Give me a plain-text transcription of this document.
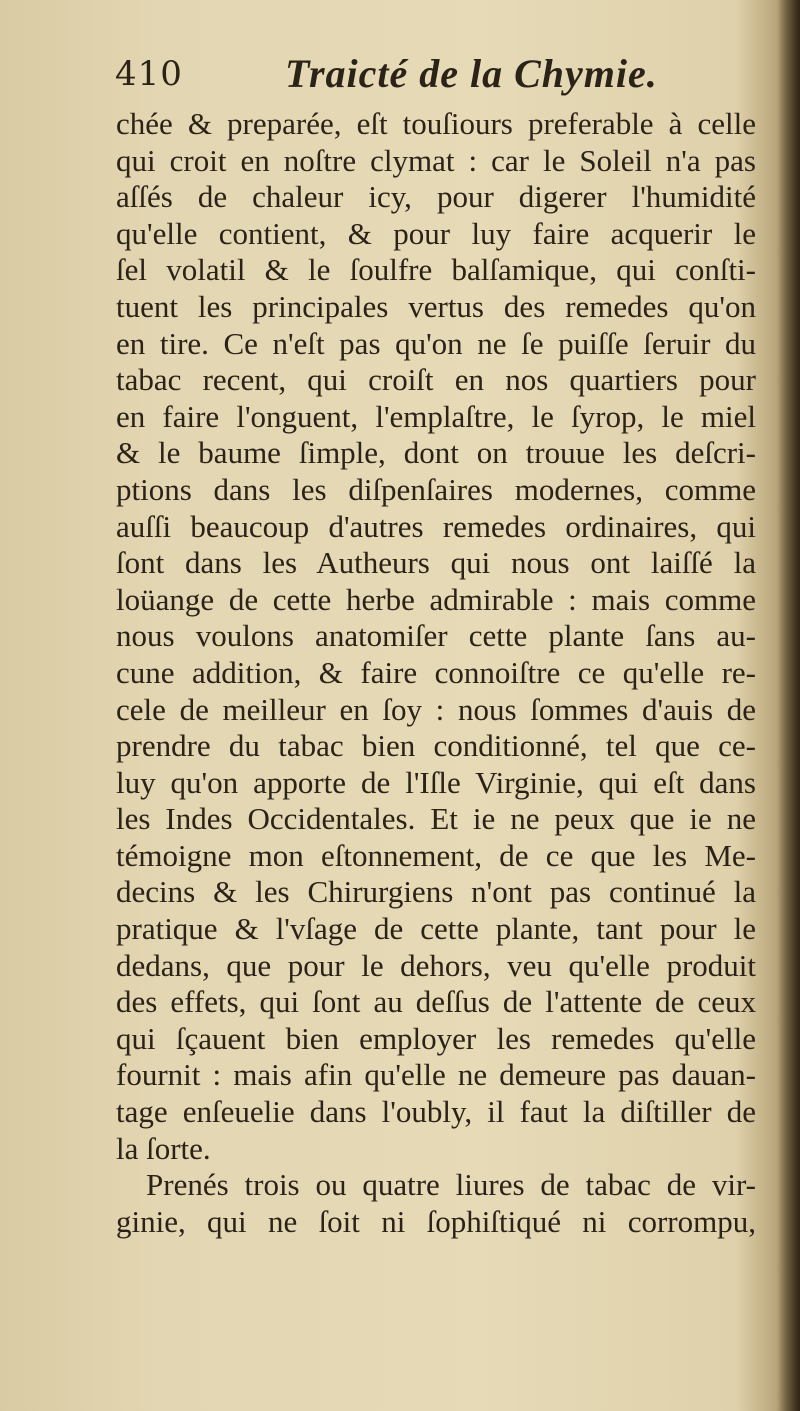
410	Traicté de la Chymie.
chée & preparée, eſt touſiours preferable à celle
qui croit en noſtre clymat : car le Soleil n'a pas
aſſés de chaleur icy, pour digerer l'humidité
qu'elle contient, & pour luy faire acquerir le
ſel volatil & le ſoulfre balſamique, qui conſti-
tuent les principales vertus des remedes qu'on
en tire. Ce n'eſt pas qu'on ne ſe puiſſe ſeruir du
tabac recent, qui croiſt en nos quartiers pour
en faire l'onguent, l'emplaſtre, le ſyrop, le miel
& le baume ſimple, dont on trouue les deſcri-
ptions dans les diſpenſaires modernes, comme
auſſi beaucoup d'autres remedes ordinaires, qui
ſont dans les Autheurs qui nous ont laiſſé la
loüange de cette herbe admirable : mais comme
nous voulons anatomiſer cette plante ſans au-
cune addition, & faire connoiſtre ce qu'elle re-
cele de meilleur en ſoy : nous ſommes d'auis de
prendre du tabac bien conditionné, tel que ce-
luy qu'on apporte de l'Iſle Virginie, qui eſt dans
les Indes Occidentales. Et ie ne peux que ie ne
témoigne mon eſtonnement, de ce que les Me-
decins & les Chirurgiens n'ont pas continué la
pratique & l'vſage de cette plante, tant pour le
dedans, que pour le dehors, veu qu'elle produit
des effets, qui ſont au deſſus de l'attente de ceux
qui ſçauent bien employer les remedes qu'elle
fournit : mais afin qu'elle ne demeure pas dauan-
tage enſeuelie dans l'oubly, il faut la diſtiller de
la ſorte.
Prenés trois ou quatre liures de tabac de vir-
ginie, qui ne ſoit ni ſophiſtiqué ni corrompu,
